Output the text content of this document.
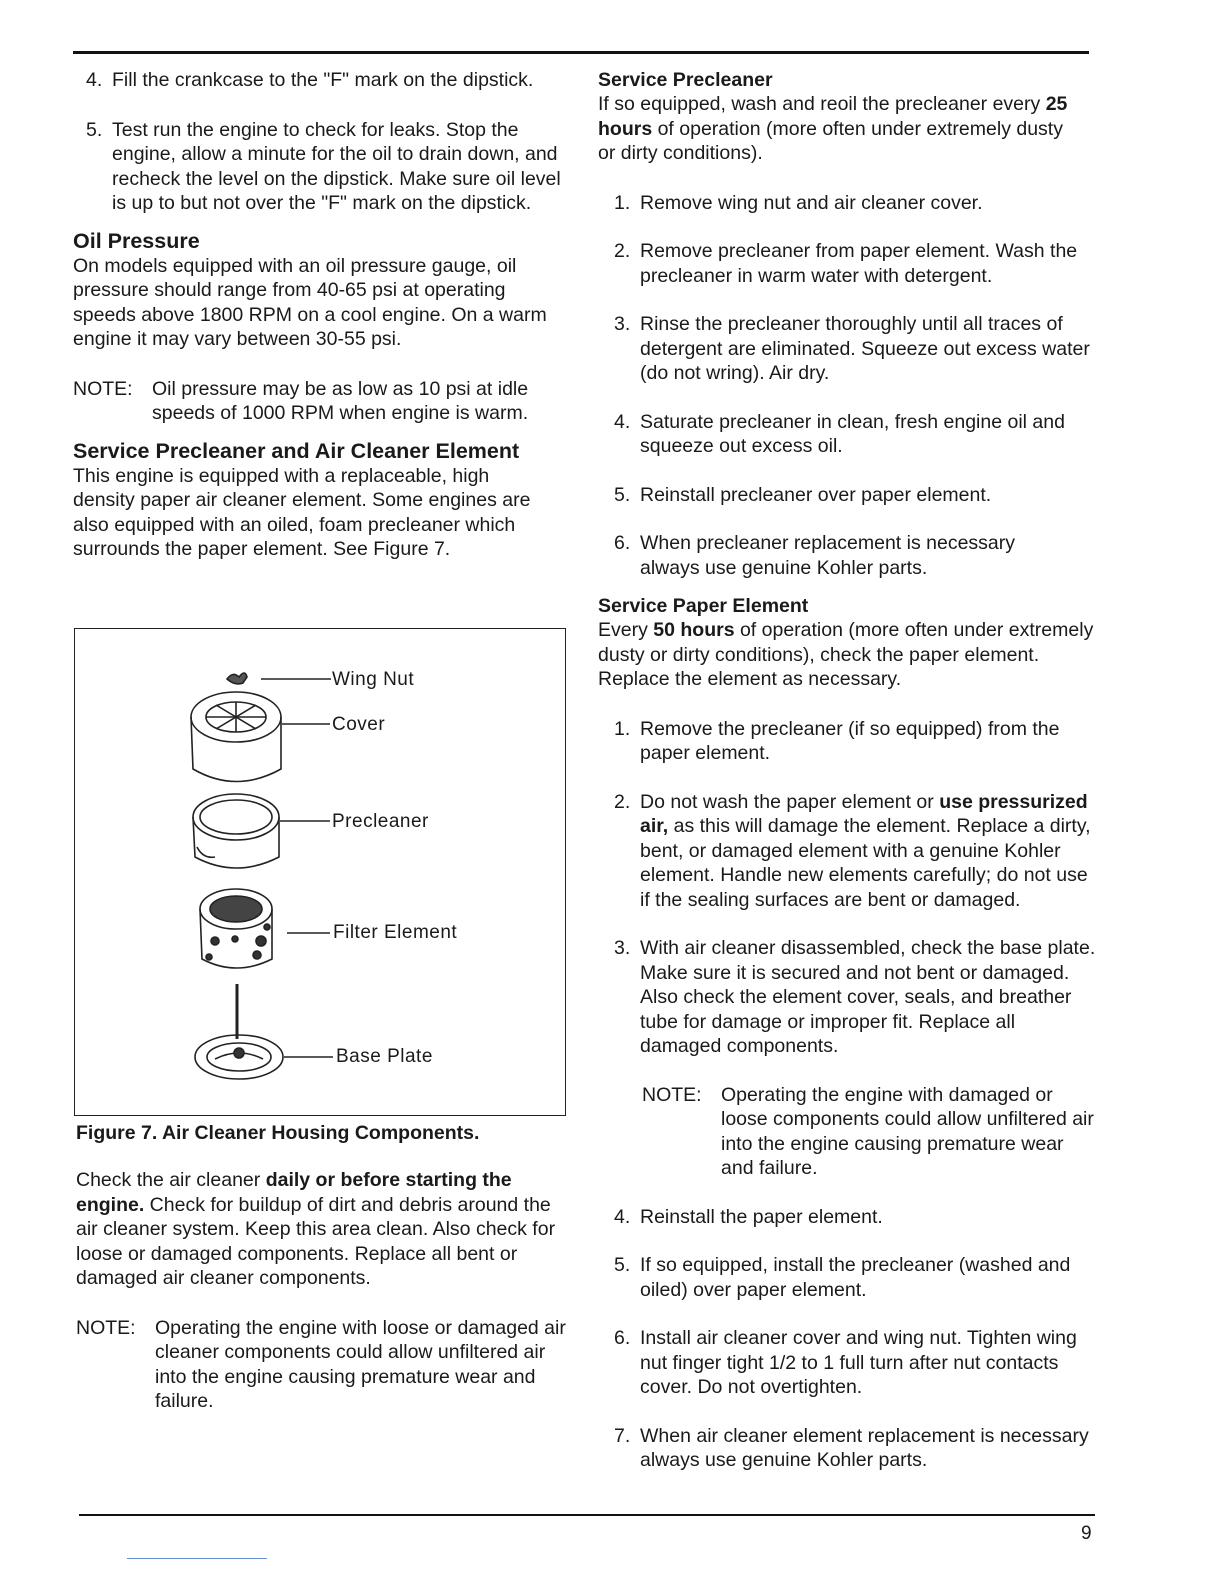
4. Fill the crankcase to the "F" mark on the dipstick.
5. Test run the engine to check for leaks. Stop the engine, allow a minute for the oil to drain down, and recheck the level on the dipstick. Make sure oil level is up to but not over the "F" mark on the dipstick.

Oil Pressure

On models equipped with an oil pressure gauge, oil pressure should range from 40-65 psi at operating speeds above 1800 RPM on a cool engine. On a warm engine it may vary between 30-55 psi.

NOTE: Oil pressure may be as low as 10 psi at idle speeds of 1000 RPM when engine is warm.

Service Precleaner and Air Cleaner Element

This engine is equipped with a replaceable, high density paper air cleaner element. Some engines are also equipped with an oiled, foam precleaner which surrounds the paper element. See Figure 7.

Wing Nut
Cover
Precleaner
Filter Element
Base Plate
Figure 7. Air Cleaner Housing Components.

Check the air cleaner daily or before starting the engine. Check for buildup of dirt and debris around the air cleaner system. Keep this area clean. Also check for loose or damaged components. Replace all bent or damaged air cleaner components.

NOTE: Operating the engine with loose or damaged air cleaner components could allow unfiltered air into the engine causing premature wear and failure.

Service Precleaner

If so equipped, wash and reoil the precleaner every 25 hours of operation (more often under extremely dusty or dirty conditions).

1. Remove wing nut and air cleaner cover.
2. Remove precleaner from paper element. Wash the precleaner in warm water with detergent.
3. Rinse the precleaner thoroughly until all traces of detergent are eliminated. Squeeze out excess water (do not wring). Air dry.
4. Saturate precleaner in clean, fresh engine oil and squeeze out excess oil.
5. Reinstall precleaner over paper element.
6. When precleaner replacement is necessary always use genuine Kohler parts.

Service Paper Element

Every 50 hours of operation (more often under extremely dusty or dirty conditions), check the paper element. Replace the element as necessary.

1. Remove the precleaner (if so equipped) from the paper element.
2. Do not wash the paper element or use pressurized air, as this will damage the element. Replace a dirty, bent, or damaged element with a genuine Kohler element. Handle new elements carefully; do not use if the sealing surfaces are bent or damaged.
3. With air cleaner disassembled, check the base plate. Make sure it is secured and not bent or damaged. Also check the element cover, seals, and breather tube for damage or improper fit. Replace all damaged components.
NOTE: Operating the engine with damaged or loose components could allow unfiltered air into the engine causing premature wear and failure.
4. Reinstall the paper element.
5. If so equipped, install the precleaner (washed and oiled) over paper element.
6. Install air cleaner cover and wing nut. Tighten wing nut finger tight 1/2 to 1 full turn after nut contacts cover. Do not overtighten.
7. When air cleaner element replacement is necessary always use genuine Kohler parts.
9
